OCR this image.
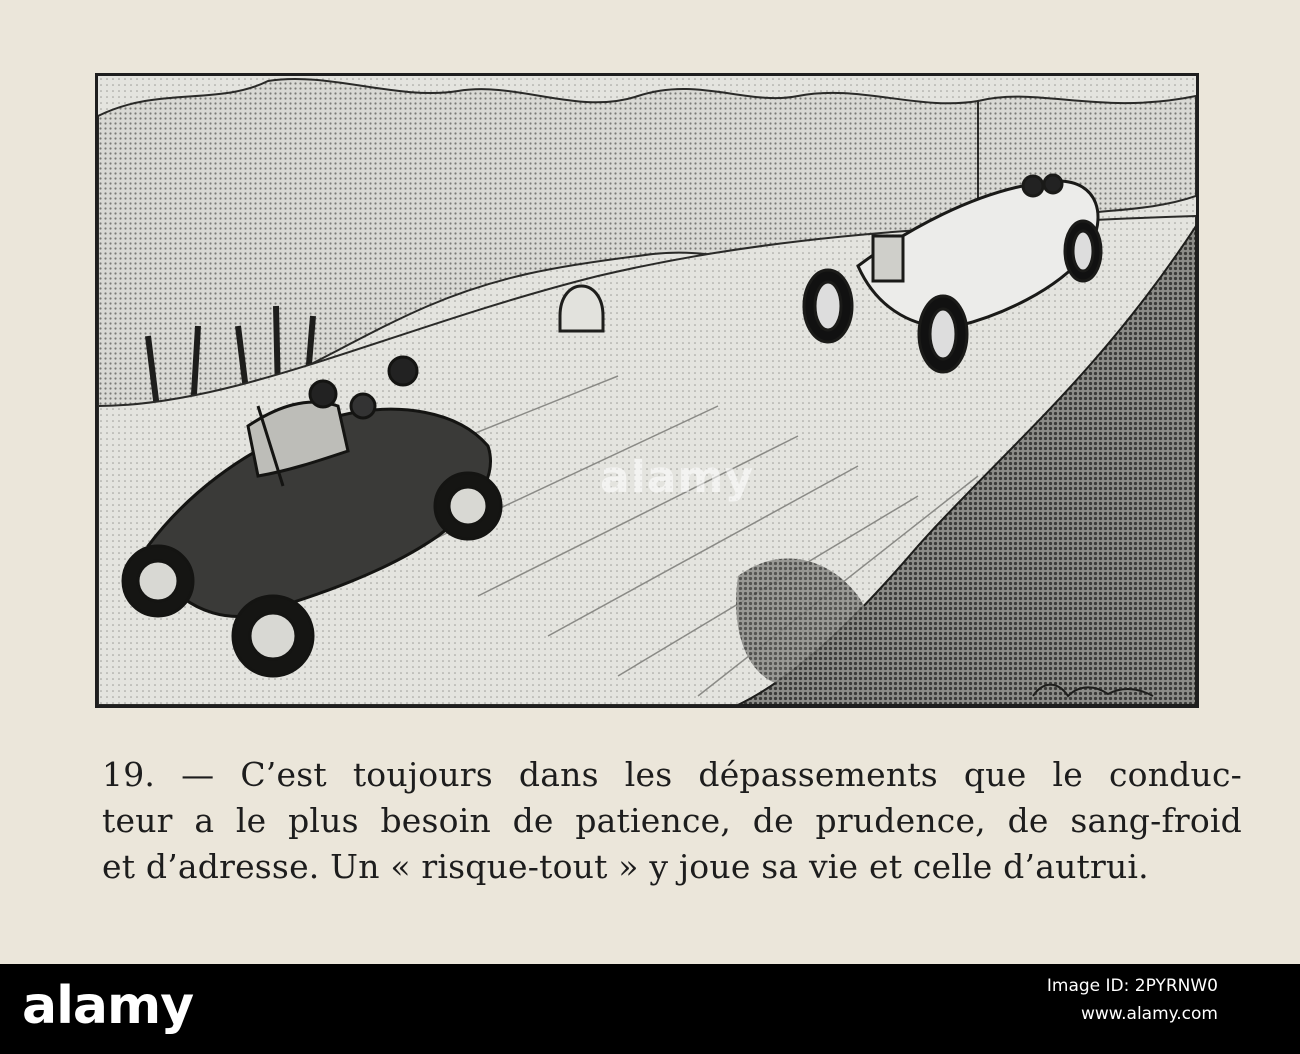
alamy
19. — C’est toujours dans les dépassements que le conduc-
teur a le plus besoin de patience, de prudence, de sang-froid
et d’adresse. Un « risque-tout » y joue sa vie et celle d’autrui.
alamy	Image ID: 2PYRNW0
www.alamy.com
